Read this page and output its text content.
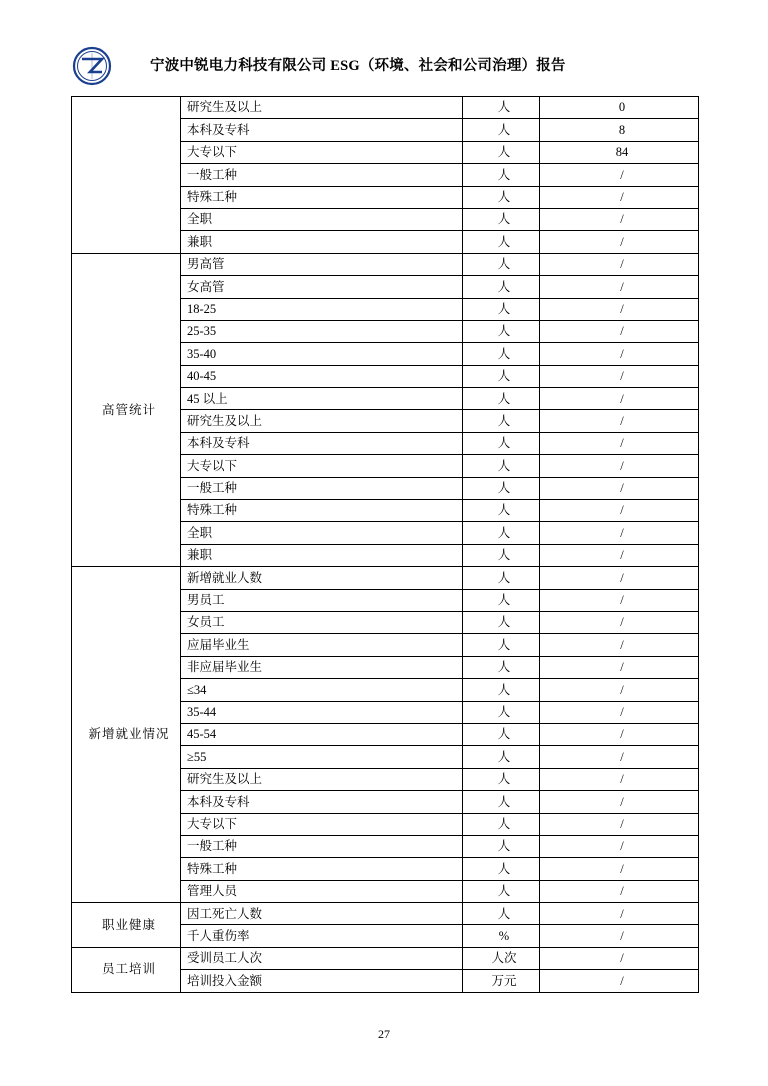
宁波中锐电力科技有限公司 ESG（环境、社会和公司治理）报告
	研究生及以上	人	0
	本科及专科	人	8
	大专以下	人	84
	一般工种	人	/
	特殊工种	人	/
	全职	人	/
	兼职	人	/
高管统计	男高管	人	/
	女高管	人	/
	18-25	人	/
	25-35	人	/
	35-40	人	/
	40-45	人	/
	45 以上	人	/
	研究生及以上	人	/
	本科及专科	人	/
	大专以下	人	/
	一般工种	人	/
	特殊工种	人	/
	全职	人	/
	兼职	人	/
新增就业情况	新增就业人数	人	/
	男员工	人	/
	女员工	人	/
	应届毕业生	人	/
	非应届毕业生	人	/
	≤34	人	/
	35-44	人	/
	45-54	人	/
	≥55	人	/
	研究生及以上	人	/
	本科及专科	人	/
	大专以下	人	/
	一般工种	人	/
	特殊工种	人	/
	管理人员	人	/
职业健康	因工死亡人数	人	/
	千人重伤率	%	/
员工培训	受训员工人次	人次	/
	培训投入金额	万元	/
27
